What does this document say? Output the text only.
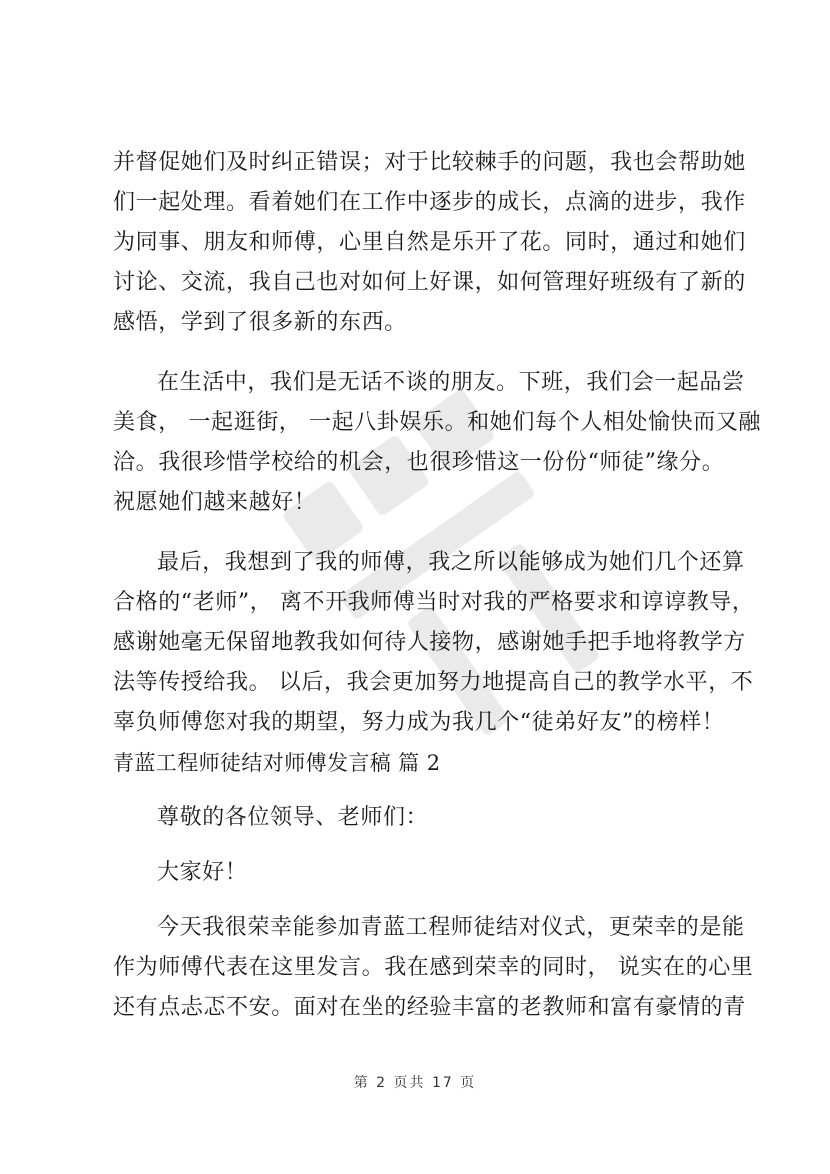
并督促她们及时纠正错误；对于比较棘手的问题，我也会帮助她
们一起处理。看着她们在工作中逐步的成长，点滴的进步，我作
为同事、朋友和师傅，心里自然是乐开了花。同时，通过和她们
讨论、交流，我自己也对如何上好课，如何管理好班级有了新的
感悟，学到了很多新的东西。
在生活中，我们是无话不谈的朋友。下班，我们会一起品尝
美食， 一起逛街， 一起八卦娱乐。和她们每个人相处愉快而又融
洽。我很珍惜学校给的机会，也很珍惜这一份份“师徒”缘分。
祝愿她们越来越好！
最后，我想到了我的师傅，我之所以能够成为她们几个还算
合格的“老师”， 离不开我师傅当时对我的严格要求和谆谆教导，
感谢她毫无保留地教我如何待人接物，感谢她手把手地将教学方
法等传授给我。 以后，我会更加努力地提高自己的教学水平，不
辜负师傅您对我的期望，努力成为我几个“徒弟好友”的榜样！
青蓝工程师徒结对师傅发言稿 篇 2
尊敬的各位领导、老师们：
大家好！
今天我很荣幸能参加青蓝工程师徒结对仪式，更荣幸的是能
作为师傅代表在这里发言。我在感到荣幸的同时， 说实在的心里
还有点忐忑不安。面对在坐的经验丰富的老教师和富有豪情的青
第 2 页共 17 页
